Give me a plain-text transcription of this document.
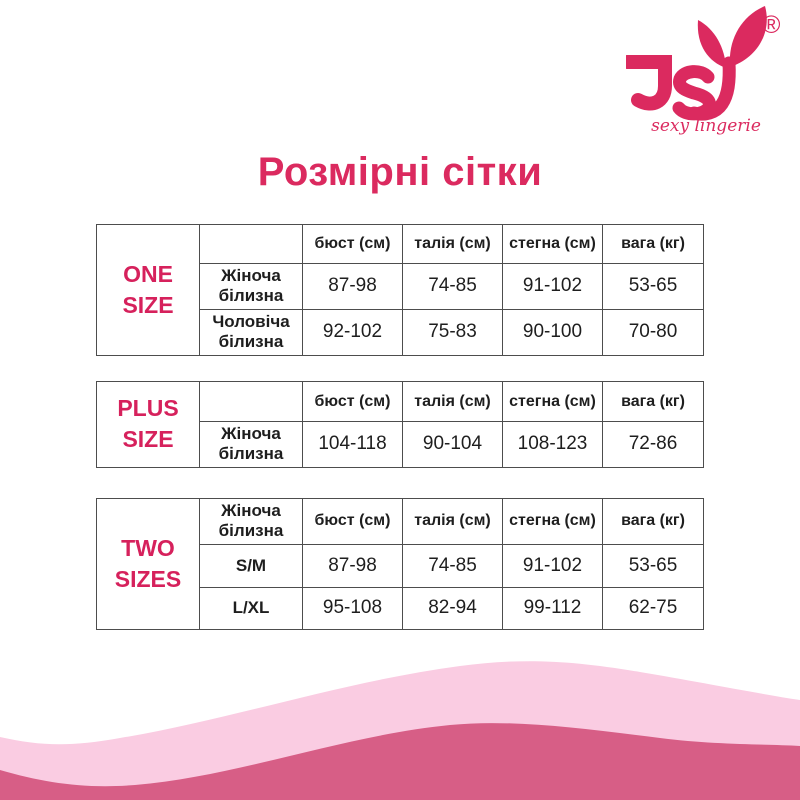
®
sexy lingerie
Розмірні сітки
ONE SIZE		бюст (см)	талія (см)	стегна (см)	вага (кг)
	Жіноча білизна	87-98	74-85	91-102	53-65
	Чоловіча білизна	92-102	75-83	90-100	70-80
PLUS SIZE		бюст (см)	талія (см)	стегна (см)	вага (кг)
	Жіноча білизна	104-118	90-104	108-123	72-86
TWO SIZES	Жіноча білизна	бюст (см)	талія (см)	стегна (см)	вага (кг)
	S/M	87-98	74-85	91-102	53-65
	L/XL	95-108	82-94	99-112	62-75
